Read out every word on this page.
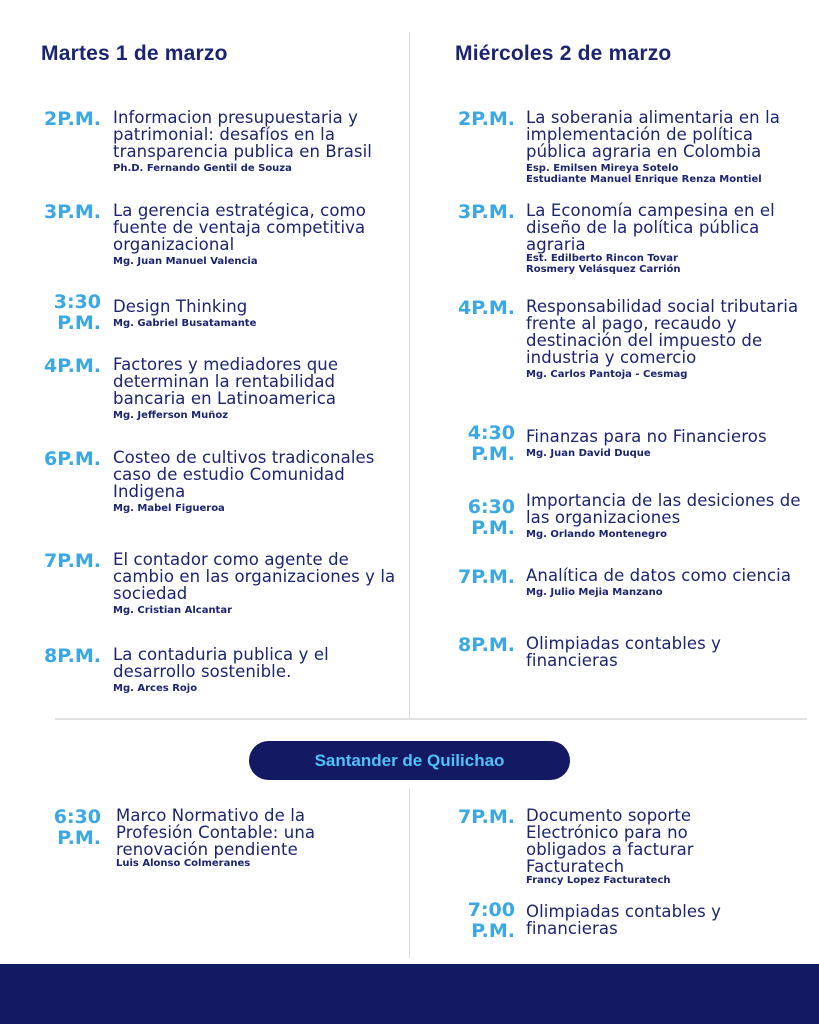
Martes 1 de marzo	Miércoles 2 de marzo
2P.M. Informacion presupuestaria y patrimonial: desafíos en la transparencia publica en Brasil
Ph.D. Fernando Gentil de Souza
3P.M. La gerencia estratégica, como fuente de ventaja competitiva organizacional
Mg. Juan Manuel Valencia
3:30
P.M.
Design Thinking
Mg. Gabriel Busatamante
4P.M. Factores y mediadores que determinan la rentabilidad bancaria en Latinoamerica
Mg. Jefferson Muñoz
6P.M. Costeo de cultivos tradiconales caso de estudio Comunidad Indigena
Mg. Mabel Figueroa
7P.M. El contador como agente de cambio en las organizaciones y la sociedad
Mg. Cristian Alcantar
8P.M. La contaduria publica y el desarrollo sostenible.
Mg. Arces Rojo
2P.M. La soberania alimentaria en la implementación de política pública agraria en Colombia
Esp. Emilsen Mireya Sotelo
Estudiante Manuel Enrique Renza Montiel
3P.M. La Economía campesina en el diseño de la política pública agraria
Est. Edilberto Rincon Tovar
Rosmery Velásquez Carrión
4P.M. Responsabilidad social tributaria frente al pago, recaudo y destinación del impuesto de industria y comercio
Mg. Carlos Pantoja - Cesmag
4:30
P.M.
Finanzas para no Financieros
Mg. Juan David Duque
6:30
P.M.
Importancia de las desiciones de las organizaciones
Mg. Orlando Montenegro
7P.M. Analítica de datos como ciencia
Mg. Julio Mejia Manzano
8P.M. Olimpiadas contables y financieras
Santander de Quilichao
6:30
P.M.
Marco Normativo de la Profesión Contable: una renovación pendiente
Luis Alonso Colmeranes
7P.M. Documento soporte Electrónico para no obligados a facturar Facturatech
Francy Lopez Facturatech
7:00
P.M.
Olimpiadas contables y financieras
